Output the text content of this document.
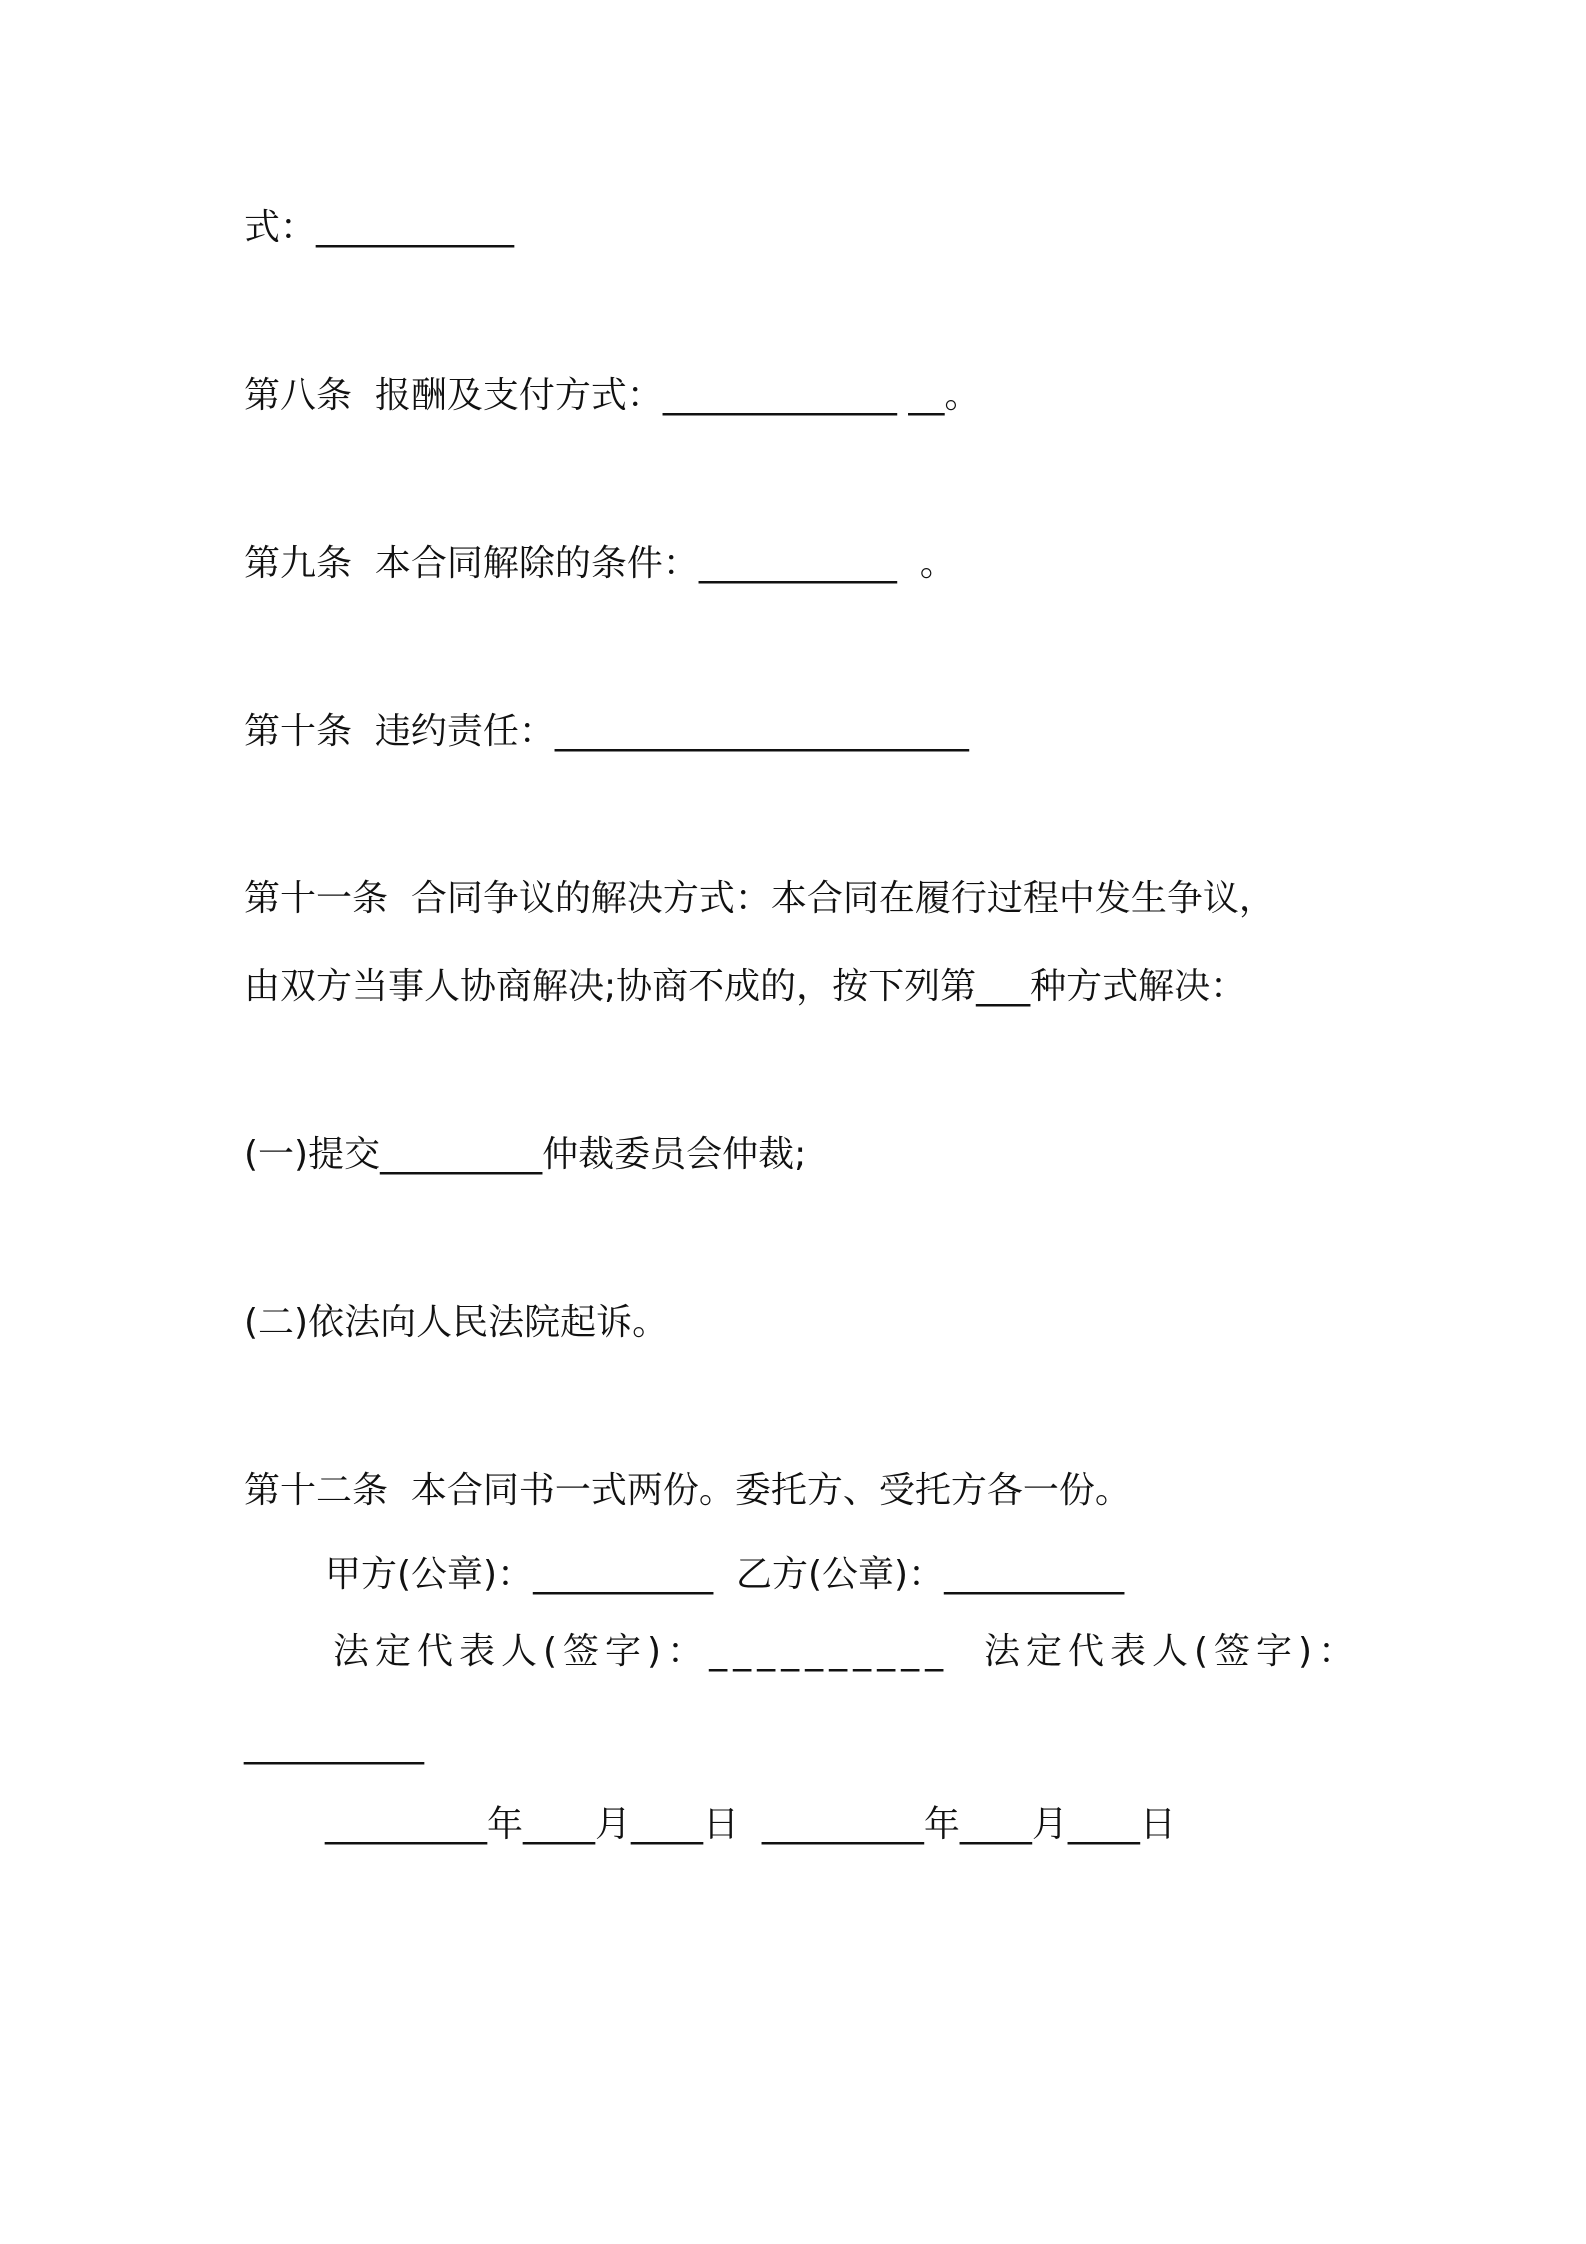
式：___________
第八条  报酬及支付方式：_____________ __。
第九条  本合同解除的条件：___________  。
第十条  违约责任：_______________________
第十一条  合同争议的解决方式：本合同在履行过程中发生争议，
由双方当事人协商解决;协商不成的，按下列第___种方式解决：
(一)提交_________仲裁委员会仲裁;
(二)依法向人民法院起诉。
第十二条  本合同书一式两份。委托方、受托方各一份。
甲方(公章)：__________  乙方(公章)：__________
法定代表人(签字)：__________  法定代表人(签字)：
__________
_________年____月____日  _________年____月____日
